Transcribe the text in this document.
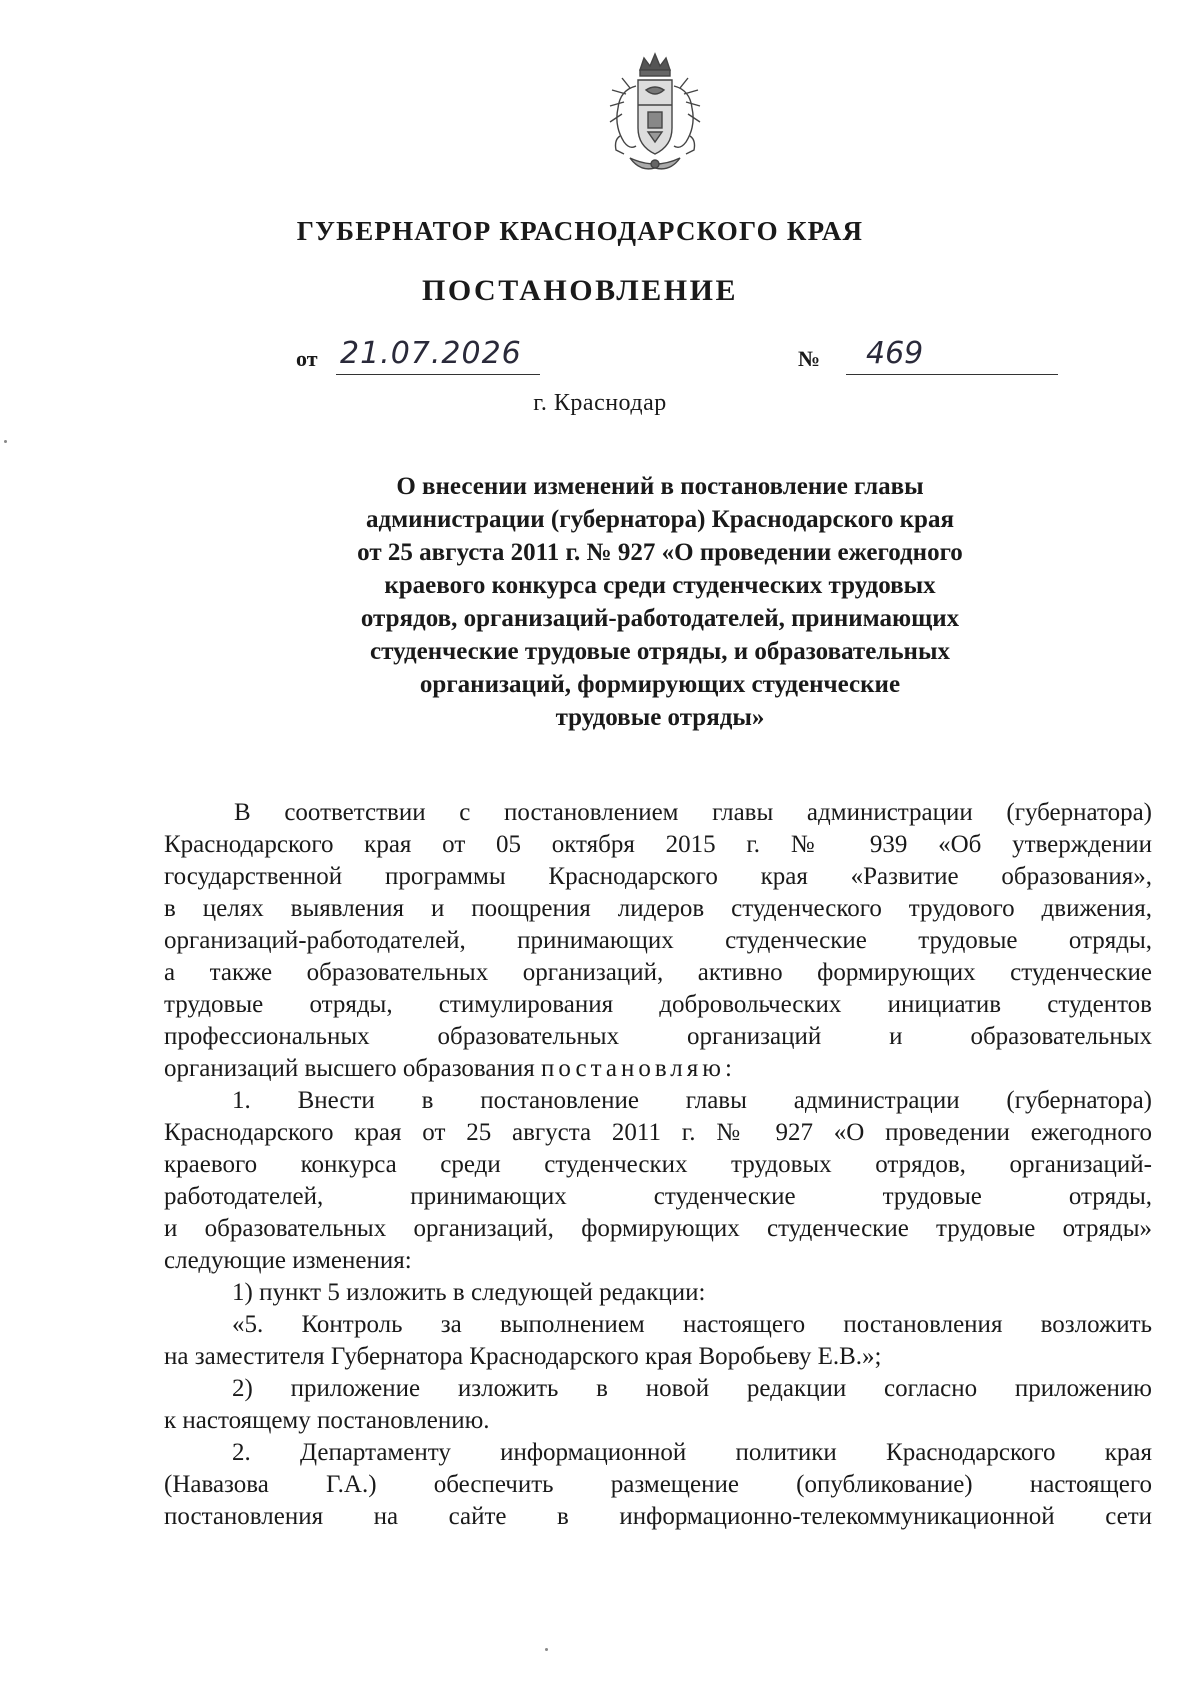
ГУБЕРНАТОР КРАСНОДАРСКОГО КРАЯ
ПОСТАНОВЛЕНИЕ
от 21.07.2026	№	469
г. Краснодар
О внесении изменений в постановление главы
администрации (губернатора) Краснодарского края
от 25 августа 2011 г. № 927 «О проведении ежегодного
краевого конкурса среди студенческих трудовых
отрядов, организаций-работодателей, принимающих
студенческие трудовые отряды, и образовательных
организаций, формирующих студенческие
трудовые отряды»

В соответствии с постановлением главы администрации (губернатора)

Краснодарского края от 05 октября 2015 г. № 939 «Об утверждении

государственной программы Краснодарского края «Развитие образования»,

в целях выявления и поощрения лидеров студенческого трудового движения,

организаций-работодателей, принимающих студенческие трудовые отряды,

а также образовательных организаций, активно формирующих студенческие

трудовые отряды, стимулирования добровольческих инициатив студентов

профессиональных образовательных организаций и образовательных

организаций высшего образования постановляю:

1. Внести в постановление главы администрации (губернатора)

Краснодарского края от 25 августа 2011 г. № 927 «О проведении ежегодного

краевого конкурса среди студенческих трудовых отрядов, организаций-

работодателей, принимающих студенческие трудовые отряды,

и образовательных организаций, формирующих студенческие трудовые отряды»

следующие изменения:

1) пункт 5 изложить в следующей редакции:

«5. Контроль за выполнением настоящего постановления возложить

на заместителя Губернатора Краснодарского края Воробьеву Е.В.»;

2) приложение изложить в новой редакции согласно приложению

к настоящему постановлению.

2. Департаменту информационной политики Краснодарского края

(Навазова Г.А.) обеспечить размещение (опубликование) настоящего

постановления на сайте в информационно-телекоммуникационной сети
